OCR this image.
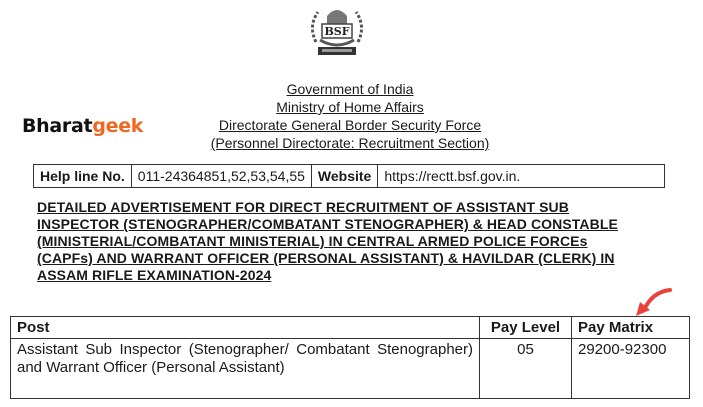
BSF
Bharatgeek
Government of India
Ministry of Home Affairs
Directorate General Border Security Force
(Personnel Directorate: Recruitment Section)
Help line No. 011-24364851,52,53,54,55 Website https://rectt.bsf.gov.in.
DETAILED ADVERTISEMENT FOR DIRECT RECRUITMENT OF ASSISTANT SUB
INSPECTOR (STENOGRAPHER/COMBATANT STENOGRAPHER) & HEAD CONSTABLE
(MINISTERIAL/COMBATANT MINISTERIAL) IN CENTRAL ARMED POLICE FORCEs
(CAPFs) AND WARRANT OFFICER (PERSONAL ASSISTANT) & HAVILDAR (CLERK) IN
ASSAM RIFLE EXAMINATION-2024
Post	Pay Level	Pay Matrix
Assistant Sub Inspector (Stenographer/ Combatant Stenographer) and Warrant Officer (Personal Assistant)	05	29200-92300
